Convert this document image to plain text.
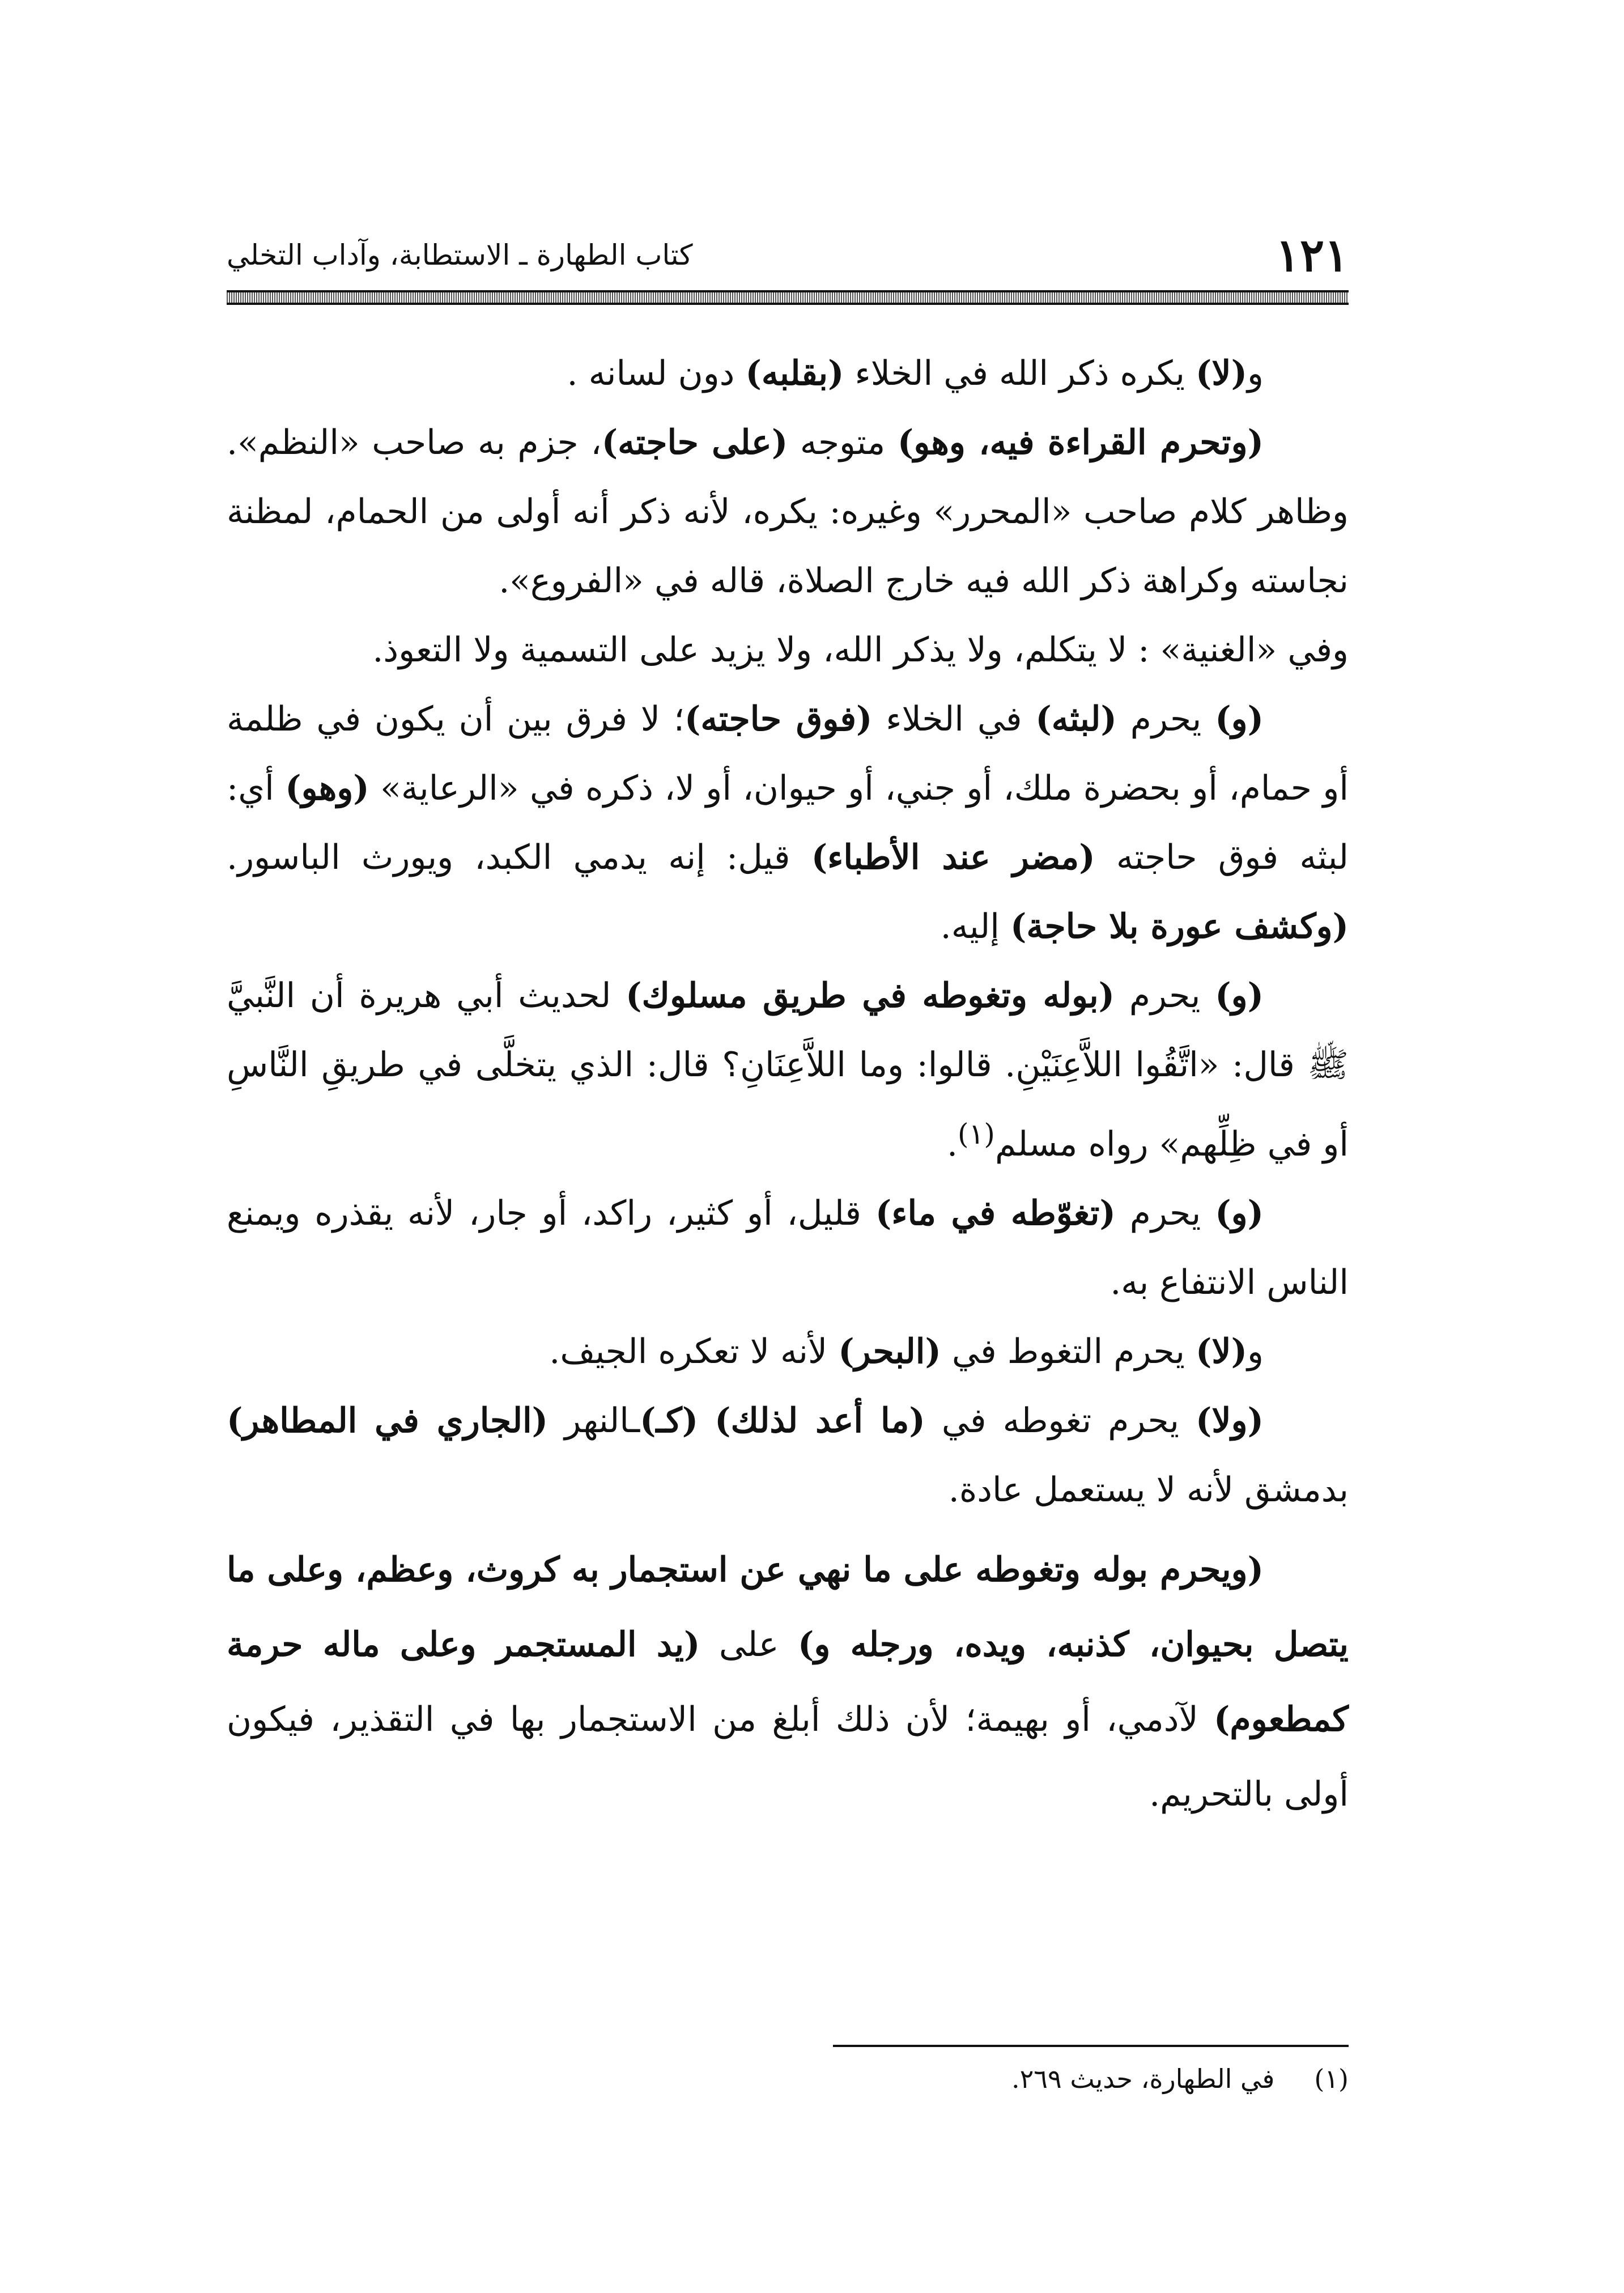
١٢١
كتاب الطهارة ـ الاستطابة، وآداب التخلي

و(لا) يكره ذكر الله في الخلاء (بقلبه) دون لسانه .

(وتحرم القراءة فيه، وهو) متوجه (على حاجته)، جزم به صاحب «النظم». وظاهر كلام صاحب «المحرر» وغيره: يكره، لأنه ذكر أنه أولى من الحمام، لمظنة نجاسته وكراهة ذكر الله فيه خارج الصلاة، قاله في «الفروع».

وفي «الغنية» : لا يتكلم، ولا يذكر الله، ولا يزيد على التسمية ولا التعوذ.

(و) يحرم (لبثه) في الخلاء (فوق حاجته)؛ لا فرق بين أن يكون في ظلمة أو حمام، أو بحضرة ملك، أو جني، أو حيوان، أو لا، ذكره في «الرعاية» (وهو) أي: لبثه فوق حاجته (مضر عند الأطباء) قيل: إنه يدمي الكبد، ويورث الباسور. (وكشف عورة بلا حاجة) إليه.

(و) يحرم (بوله وتغوطه في طريق مسلوك) لحديث أبي هريرة أن النَّبيَّ ﷺ قال: «اتَّقُوا اللاَّعِنَيْنِ. قالوا: وما اللاَّعِنَانِ؟ قال: الذي يتخلَّى في طريقِ النَّاسِ أو في ظِلِّهم» رواه مسلم$^{(١)}$.

(و) يحرم (تغوّطه في ماء) قليل، أو كثير، راكد، أو جار، لأنه يقذره ويمنع الناس الانتفاع به.

و(لا) يحرم التغوط في (البحر) لأنه لا تعكره الجيف.

(ولا) يحرم تغوطه في (ما أعد لذلك) (كـ)ـالنهر (الجاري في المطاهر) بدمشق لأنه لا يستعمل عادة.

(ويحرم بوله وتغوطه على ما نهي عن استجمار به كروث، وعظم، وعلى ما يتصل بحيوان، كذنبه، ويده، ورجله و) على (يد المستجمر وعلى ماله حرمة كمطعوم) لآدمي، أو بهيمة؛ لأن ذلك أبلغ من الاستجمار بها في التقذير، فيكون أولى بالتحريم.

(١)في الطهارة، حديث ٢٦٩.
